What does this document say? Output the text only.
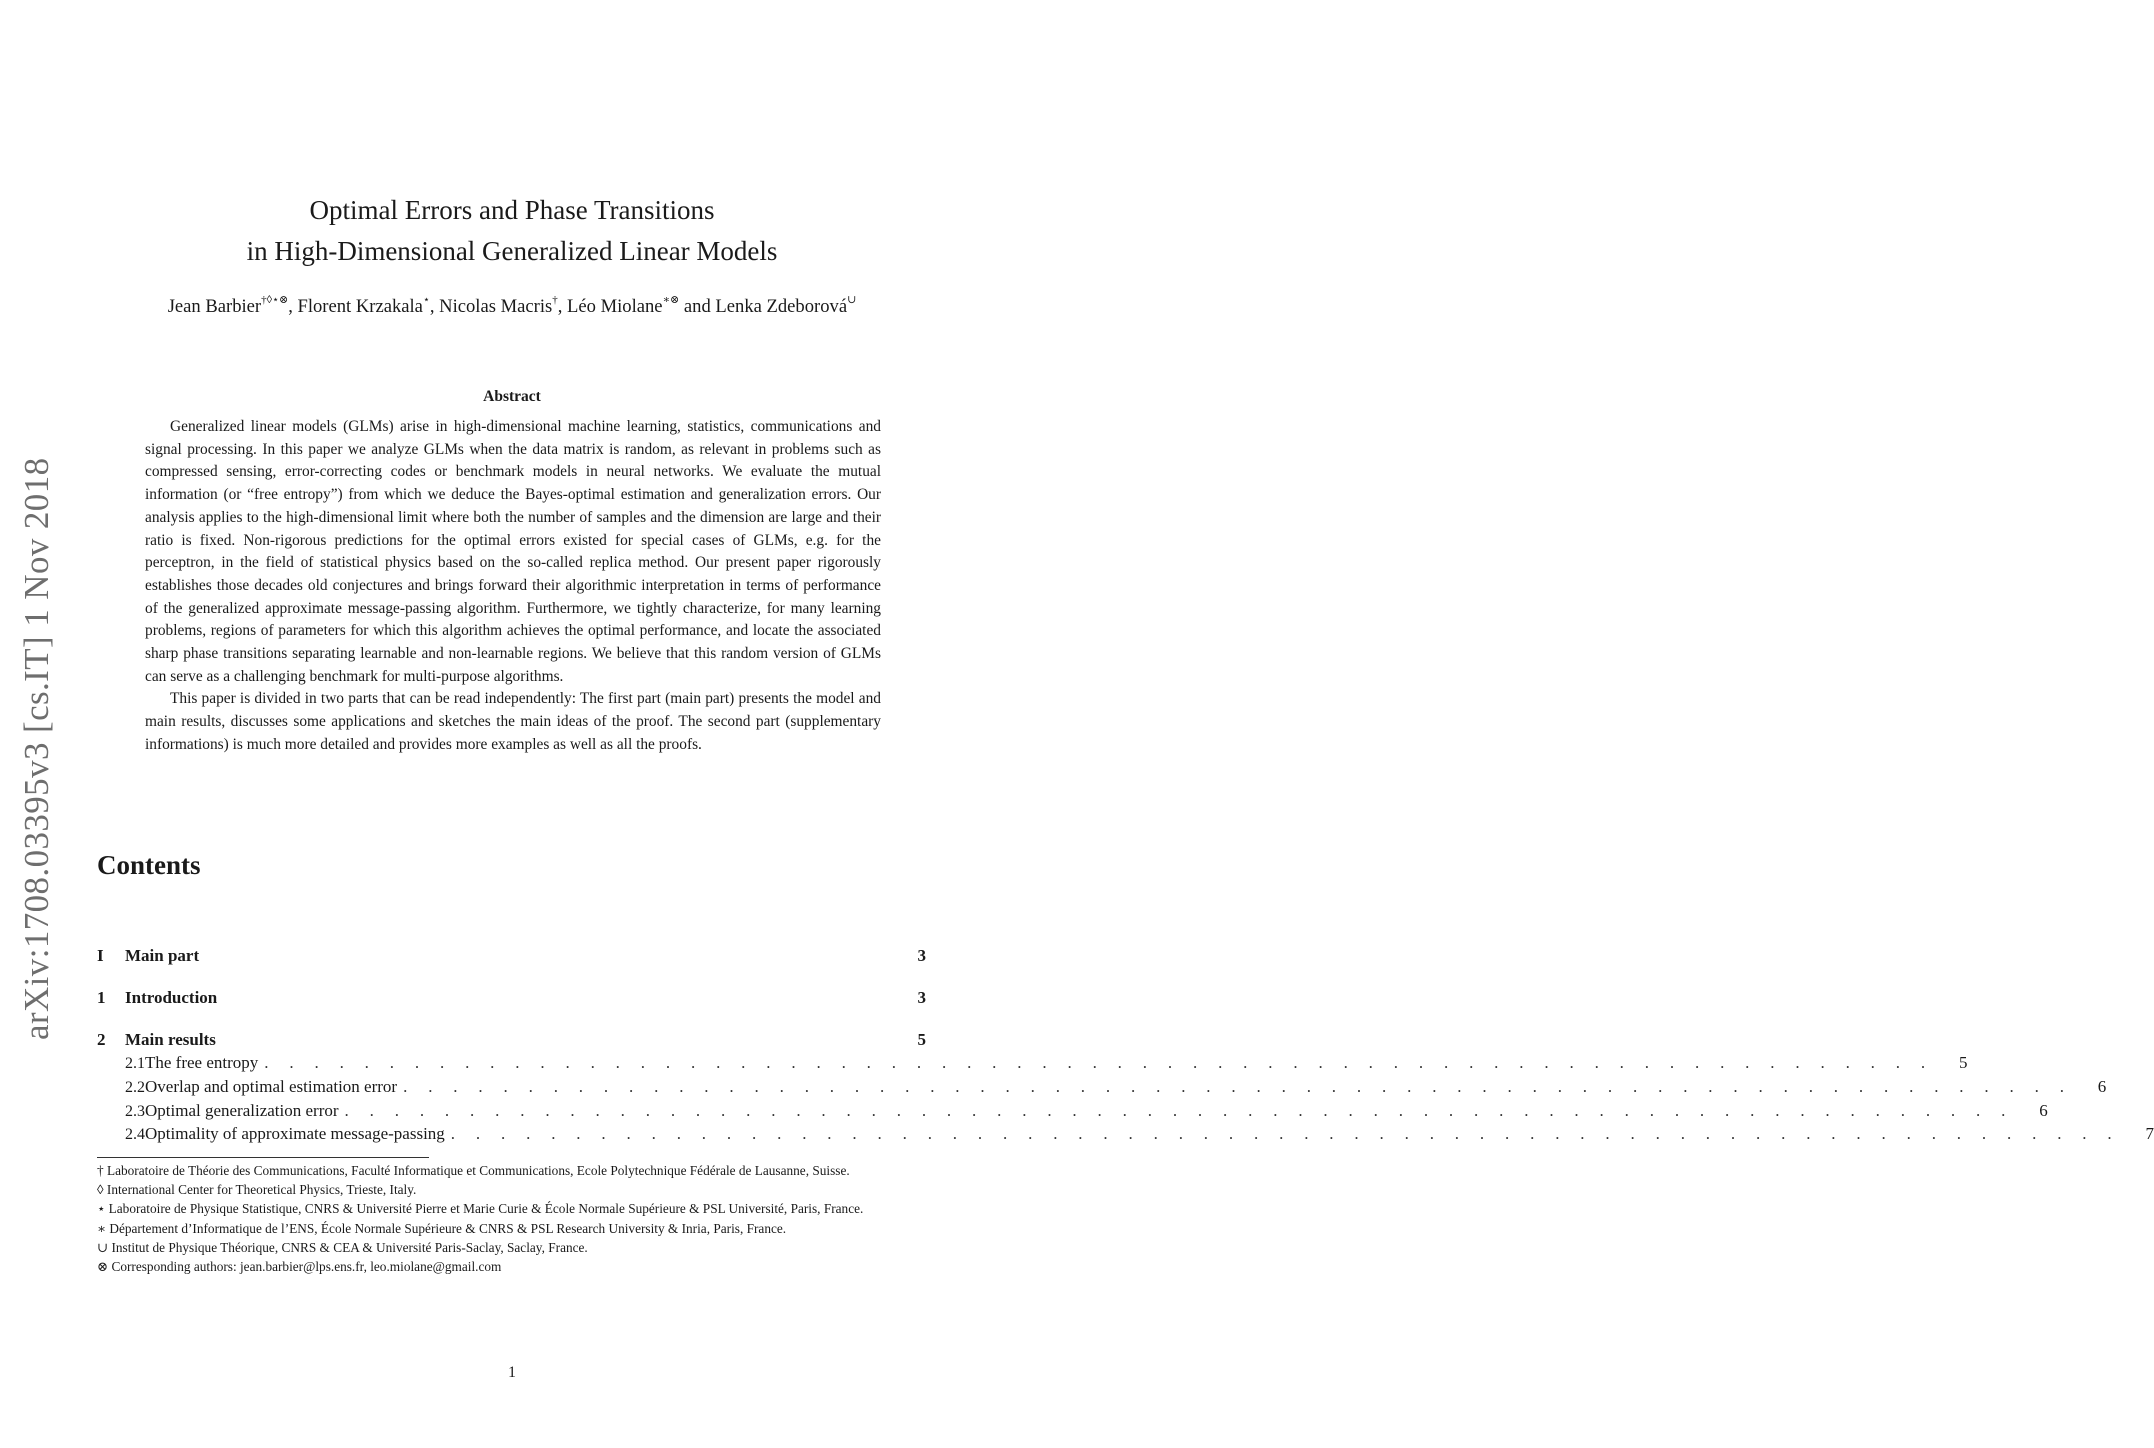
arXiv:1708.03395v3 [cs.IT] 1 Nov 2018
Optimal Errors and Phase Transitions
in High-Dimensional Generalized Linear Models
Jean Barbier†◊⋆⊗, Florent Krzakala⋆, Nicolas Macris†, Léo Miolane∗⊗ and Lenka Zdeborová∪
Abstract

Generalized linear models (GLMs) arise in high-dimensional machine learning, statistics, communications and signal processing. In this paper we analyze GLMs when the data matrix is random, as relevant in problems such as compressed sensing, error-correcting codes or benchmark models in neural networks. We evaluate the mutual information (or “free entropy”) from which we deduce the Bayes-optimal estimation and generalization errors. Our analysis applies to the high-dimensional limit where both the number of samples and the dimension are large and their ratio is fixed. Non-rigorous predictions for the optimal errors existed for special cases of GLMs, e.g. for the perceptron, in the field of statistical physics based on the so-called replica method. Our present paper rigorously establishes those decades old conjectures and brings forward their algorithmic interpretation in terms of performance of the generalized approximate message-passing algorithm. Furthermore, we tightly characterize, for many learning problems, regions of parameters for which this algorithm achieves the optimal performance, and locate the associated sharp phase transitions separating learnable and non-learnable regions. We believe that this random version of GLMs can serve as a challenging benchmark for multi-purpose algorithms.

This paper is divided in two parts that can be read independently: The first part (main part) presents the model and main results, discusses some applications and sketches the main ideas of the proof. The second part (supplementary informations) is much more detailed and provides more examples as well as all the proofs.

Contents
I	Main part	3
1	Introduction	3
2	Main results	5
2.1 The free entropy . . . . . . . . . . . . . . . . . . . . . . . . . . . . . . . . . . . . . . . . . . . . . . . . . . . . . . . . . . . . . . . . . . . 5
2.2 Overlap and optimal estimation error . . . . . . . . . . . . . . . . . . . . . . . . . . . . . . . . . . . . . . . . . . . . . . . . . . . . . . . . . . . . . . . . . . . 6
2.3 Optimal generalization error . . . . . . . . . . . . . . . . . . . . . . . . . . . . . . . . . . . . . . . . . . . . . . . . . . . . . . . . . . . . . . . . . . . 6
2.4 Optimality of approximate message-passing . . . . . . . . . . . . . . . . . . . . . . . . . . . . . . . . . . . . . . . . . . . . . . . . . . . . . . . . . . . . . . . . . . . 7

† Laboratoire de Théorie des Communications, Faculté Informatique et Communications, Ecole Polytechnique Fédérale de Lausanne, Suisse.

◊ International Center for Theoretical Physics, Trieste, Italy.

⋆ Laboratoire de Physique Statistique, CNRS & Université Pierre et Marie Curie & École Normale Supérieure & PSL Université, Paris, France.

∗ Département d’Informatique de l’ENS, École Normale Supérieure & CNRS & PSL Research University & Inria, Paris, France.

∪ Institut de Physique Théorique, CNRS & CEA & Université Paris-Saclay, Saclay, France.

⊗ Corresponding authors: jean.barbier@lps.ens.fr, leo.miolane@gmail.com

1
